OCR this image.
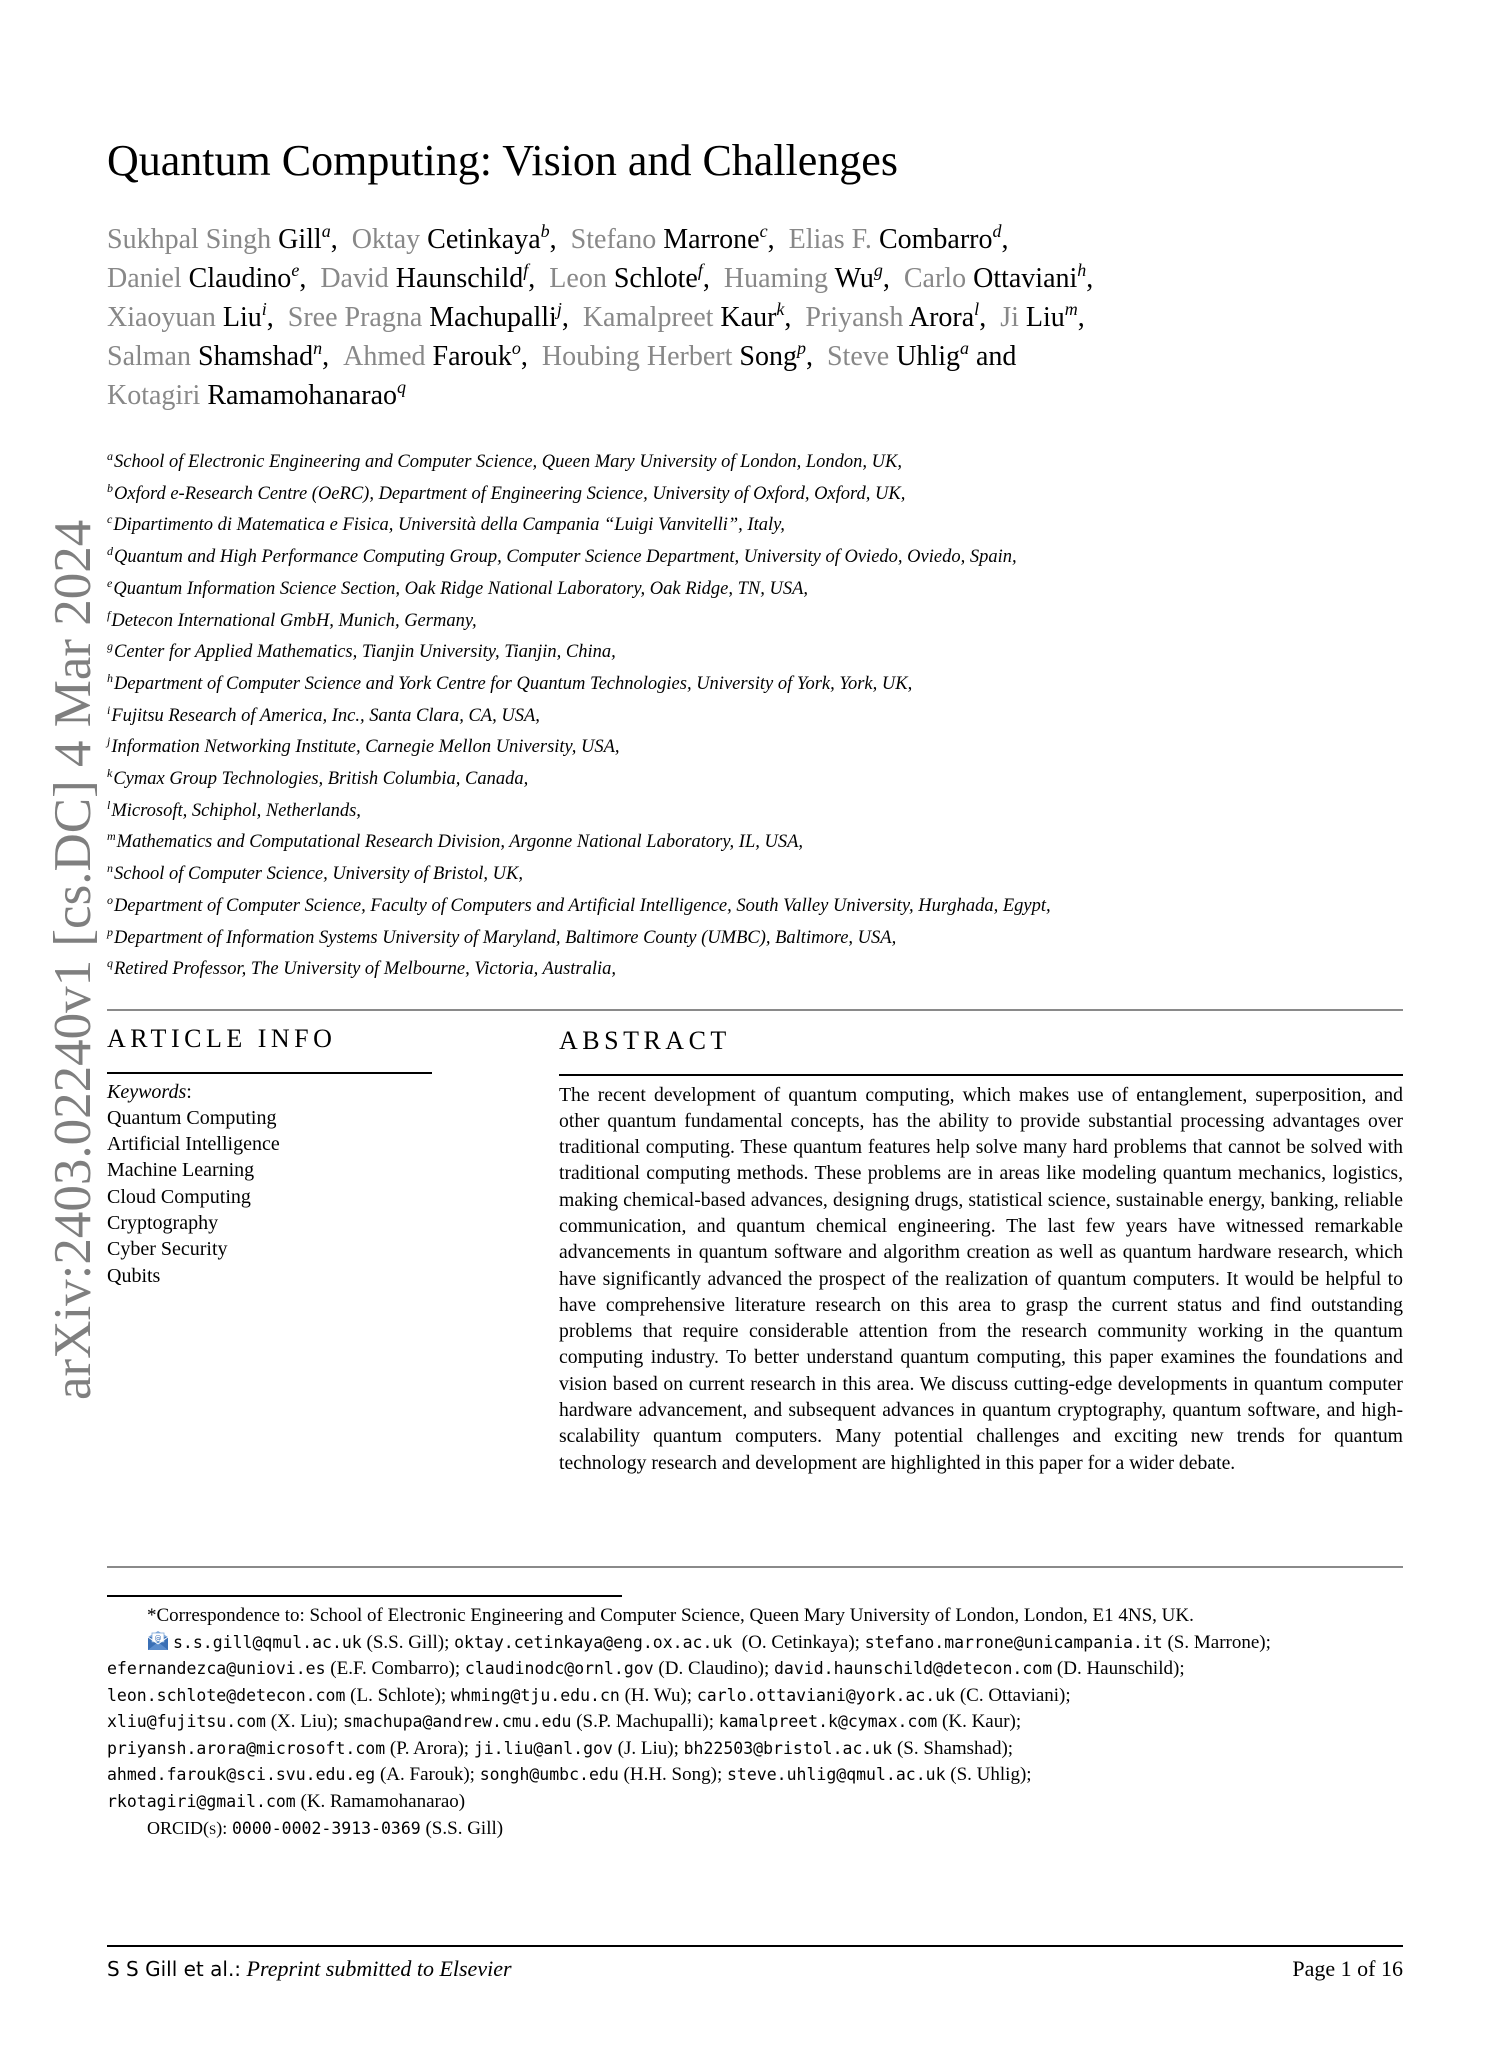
arXiv:2403.02240v1 [cs.DC] 4 Mar 2024
Quantum Computing: Vision and Challenges
Sukhpal Singh Gill$^a$, Oktay Cetinkaya$^b$, Stefano Marrone$^c$, Elias F. Combarro$^d$,
Daniel Claudino$^e$, David Haunschild$^f$, Leon Schlote$^f$, Huaming Wu$^g$, Carlo Ottaviani$^h$,
Xiaoyuan Liu$^i$, Sree Pragna Machupalli$^j$, Kamalpreet Kaur$^k$, Priyansh Arora$^l$, Ji Liu$^m$,
Salman Shamshad$^n$, Ahmed Farouk$^o$, Houbing Herbert Song$^p$, Steve Uhlig$^a$ and
Kotagiri Ramamohanarao$^q$
$^a$School of Electronic Engineering and Computer Science, Queen Mary University of London, London, UK,
$^b$Oxford e-Research Centre (OeRC), Department of Engineering Science, University of Oxford, Oxford, UK,
$^c$Dipartimento di Matematica e Fisica, Università della Campania “Luigi Vanvitelli”, Italy,
$^d$Quantum and High Performance Computing Group, Computer Science Department, University of Oviedo, Oviedo, Spain,
$^e$Quantum Information Science Section, Oak Ridge National Laboratory, Oak Ridge, TN, USA,
$^f$Detecon International GmbH, Munich, Germany,
$^g$Center for Applied Mathematics, Tianjin University, Tianjin, China,
$^h$Department of Computer Science and York Centre for Quantum Technologies, University of York, York, UK,
$^i$Fujitsu Research of America, Inc., Santa Clara, CA, USA,
$^j$Information Networking Institute, Carnegie Mellon University, USA,
$^k$Cymax Group Technologies, British Columbia, Canada,
$^l$Microsoft, Schiphol, Netherlands,
$^m$Mathematics and Computational Research Division, Argonne National Laboratory, IL, USA,
$^n$School of Computer Science, University of Bristol, UK,
$^o$Department of Computer Science, Faculty of Computers and Artificial Intelligence, South Valley University, Hurghada, Egypt,
$^p$Department of Information Systems University of Maryland, Baltimore County (UMBC), Baltimore, USA,
$^q$Retired Professor, The University of Melbourne, Victoria, Australia,
ARTICLE INFO
Keywords:
Quantum Computing
Artificial Intelligence
Machine Learning
Cloud Computing
Cryptography
Cyber Security
Qubits
ABSTRACT
The recent development of quantum computing, which makes use of entanglement, superposition, and other quantum fundamental concepts, has the ability to provide substantial processing advantages over traditional computing. These quantum features help solve many hard problems that cannot be solved with traditional computing methods. These problems are in areas like modeling quantum mechanics, logistics, making chemical-based advances, designing drugs, statistical science, sustainable energy, banking, reliable communication, and quantum chemical engineering. The last few years have witnessed remarkable advancements in quantum software and algorithm creation as well as quantum hardware research, which have significantly advanced the prospect of the realization of quantum computers. It would be helpful to have comprehensive literature research on this area to grasp the current status and find outstanding problems that require considerable attention from the research community working in the quantum computing industry. To better understand quantum computing, this paper examines the foundations and vision based on current research in this area. We discuss cutting-edge developments in quantum computer hardware advancement, and subsequent advances in quantum cryptography, quantum software, and high-scalability quantum computers. Many potential challenges and exciting new trends for quantum technology research and development are highlighted in this paper for a wider debate.
*Correspondence to: School of Electronic Engineering and Computer Science, Queen Mary University of London, London, E1 4NS, UK.
@ s.s.gill@qmul.ac.uk (S.S. Gill); oktay.cetinkaya@eng.ox.ac.uk (O. Cetinkaya); stefano.marrone@unicampania.it (S. Marrone); efernandezca@uniovi.es (E.F. Combarro); claudinodc@ornl.gov (D. Claudino); david.haunschild@detecon.com (D. Haunschild); leon.schlote@detecon.com (L. Schlote); whming@tju.edu.cn (H. Wu); carlo.ottaviani@york.ac.uk (C. Ottaviani);
xliu@fujitsu.com (X. Liu); smachupa@andrew.cmu.edu (S.P. Machupalli); kamalpreet.k@cymax.com (K. Kaur);
priyansh.arora@microsoft.com (P. Arora); ji.liu@anl.gov (J. Liu); bh22503@bristol.ac.uk (S. Shamshad);
ahmed.farouk@sci.svu.edu.eg (A. Farouk); songh@umbc.edu (H.H. Song); steve.uhlig@qmul.ac.uk (S. Uhlig);
rkotagiri@gmail.com (K. Ramamohanarao)
ORCID(s): 0000-0002-3913-0369 (S.S. Gill)
S S Gill et al.: Preprint submitted to Elsevier	Page 1 of 16
